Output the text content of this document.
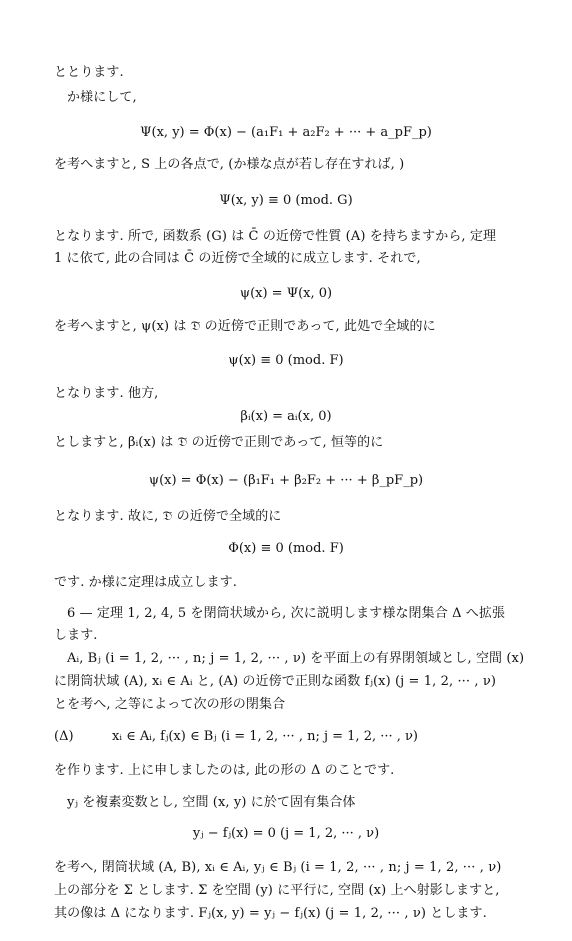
ととります.
か様にして,
Ψ(x, y) = Φ(x) − (a₁F₁ + a₂F₂ + ··· + a_pF_p)
を考へますと, S 上の各点で, (か様な点が若し存在すれば, )
Ψ(x, y) ≡ 0 (mod. G)
となります. 所で, 函数系 (G) は C̄ の近傍で性質 (A) を持ちますから, 定理
1 に依て, 此の合同は C̄ の近傍で全域的に成立します. それで,
ψ(x) = Ψ(x, 0)
を考へますと, ψ(x) は 𝔇̄ の近傍で正則であって, 此処で全域的に
ψ(x) ≡ 0 (mod. F)
となります. 他方,
βᵢ(x) = aᵢ(x, 0)
としますと, βᵢ(x) は 𝔇̄ の近傍で正則であって, 恒等的に
ψ(x) = Φ(x) − (β₁F₁ + β₂F₂ + ··· + β_pF_p)
となります. 故に, 𝔇̄ の近傍で全域的に
Φ(x) ≡ 0 (mod. F)
です. か様に定理は成立します.
6 — 定理 1, 2, 4, 5 を閉筒状域から, 次に説明します様な閉集合 Δ へ拡張
します.
Aᵢ, Bⱼ (i = 1, 2, ··· , n; j = 1, 2, ··· , ν) を平面上の有界閉領域とし, 空間 (x)
に閉筒状域 (A), xᵢ ∈ Aᵢ と, (A) の近傍で正則な函数 fⱼ(x) (j = 1, 2, ··· , ν)
とを考へ, 之等によって次の形の閉集合
(Δ)	xᵢ ∈ Aᵢ, fⱼ(x) ∈ Bⱼ (i = 1, 2, ··· , n; j = 1, 2, ··· , ν)
を作ります. 上に申しましたのは, 此の形の Δ のことです.
yⱼ を複素変数とし, 空間 (x, y) に於て固有集合体
yⱼ − fⱼ(x) = 0 (j = 1, 2, ··· , ν)
を考へ, 閉筒状域 (A, B), xᵢ ∈ Aᵢ, yⱼ ∈ Bⱼ (i = 1, 2, ··· , n; j = 1, 2, ··· , ν)
上の部分を Σ とします. Σ を空間 (y) に平行に, 空間 (x) 上へ射影しますと,
其の像は Δ になります. Fⱼ(x, y) = yⱼ − fⱼ(x) (j = 1, 2, ··· , ν) とします.
